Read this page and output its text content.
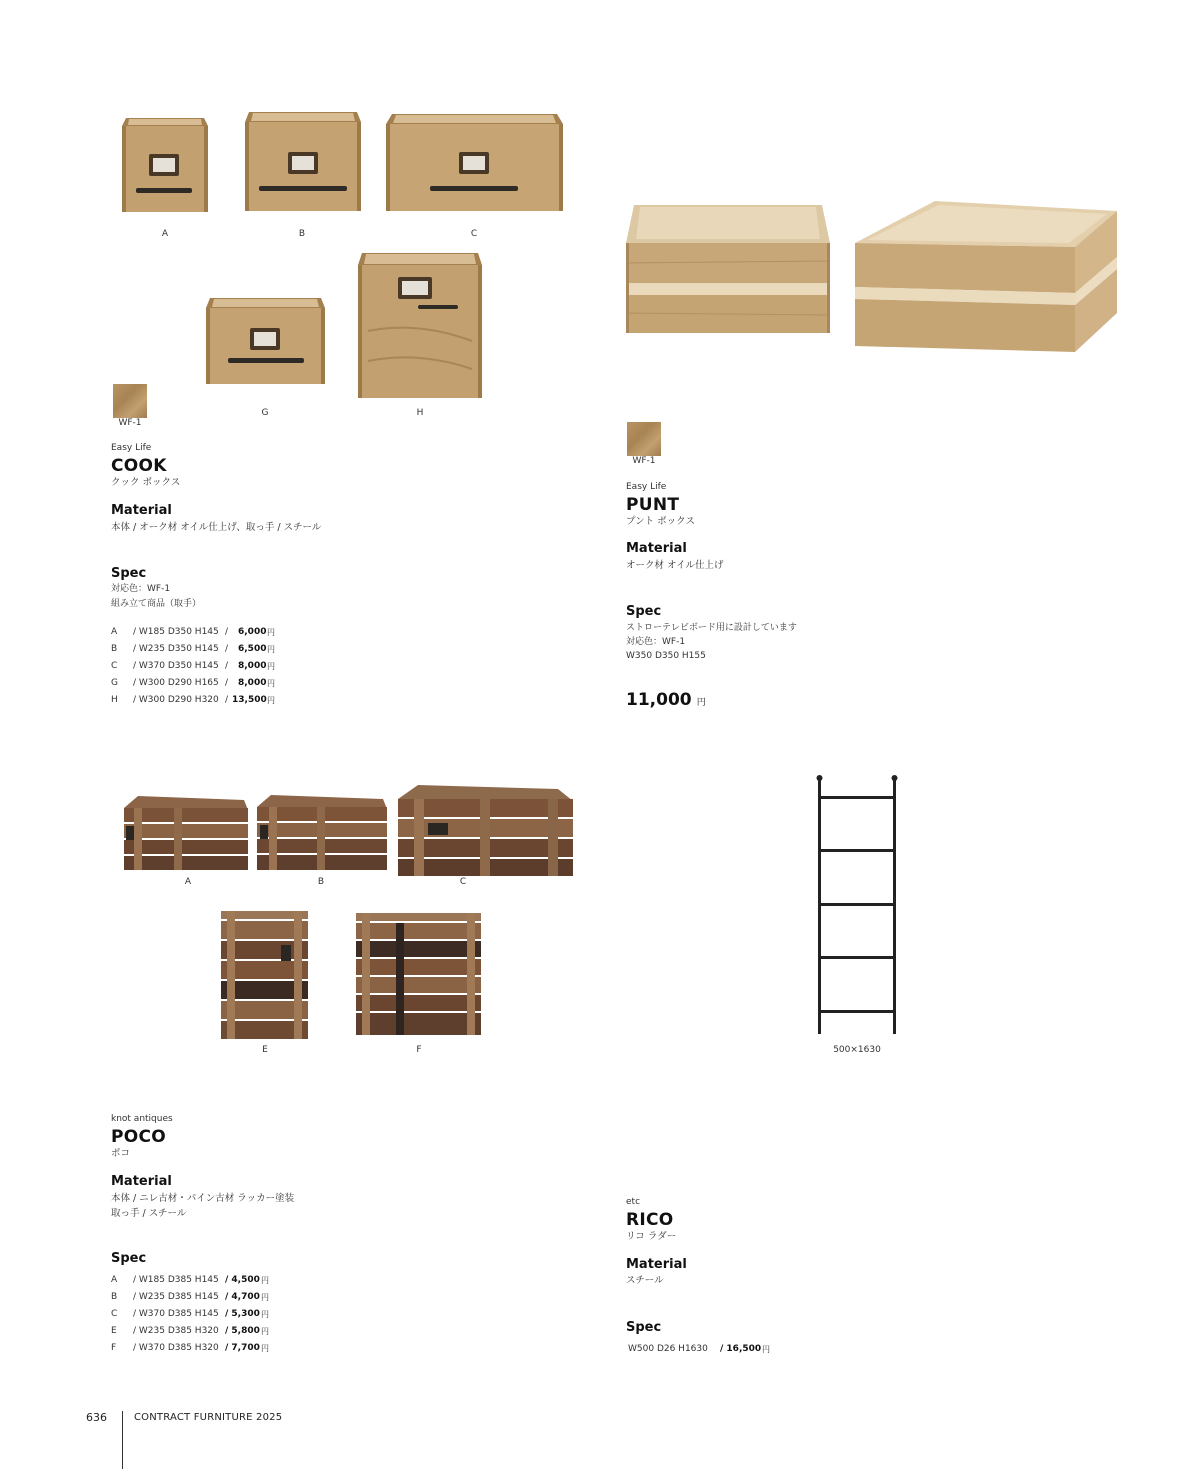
A	B	C
G	H
WF-1
Easy Life
COOK
クック ボックス
Material
本体 / オーク材 オイル仕上げ、取っ手 / スチール
Spec
対応色：WF-1
組み立て商品（取手）
A / W185 D350 H145 / 6,000 円
B / W235 D350 H145 / 6,500 円
C / W370 D350 H145 / 8,000 円
G / W300 D290 H165 / 8,000 円
H / W300 D290 H320 / 13,500 円
WF-1
Easy Life
PUNT
プント ボックス
Material
オーク材 オイル仕上げ
Spec
ストローテレビボード用に設計しています
対応色：WF-1
W350 D350 H155
11,000 円
A	B	C
E	F
knot antiques
POCO
ポコ
Material
本体 / ニレ古材・パイン古材 ラッカー塗装
取っ手 / スチール
Spec
A / W185 D385 H145 / 4,500 円
B / W235 D385 H145 / 4,700 円
C / W370 D385 H145 / 5,300 円
E / W235 D385 H320 / 5,800 円
F / W370 D385 H320 / 7,700 円
500×1630
etc
RICO
リコ ラダー
Material
スチール
Spec
W500 D26 H1630 / 16,500 円
636	CONTRACT FURNITURE 2025
